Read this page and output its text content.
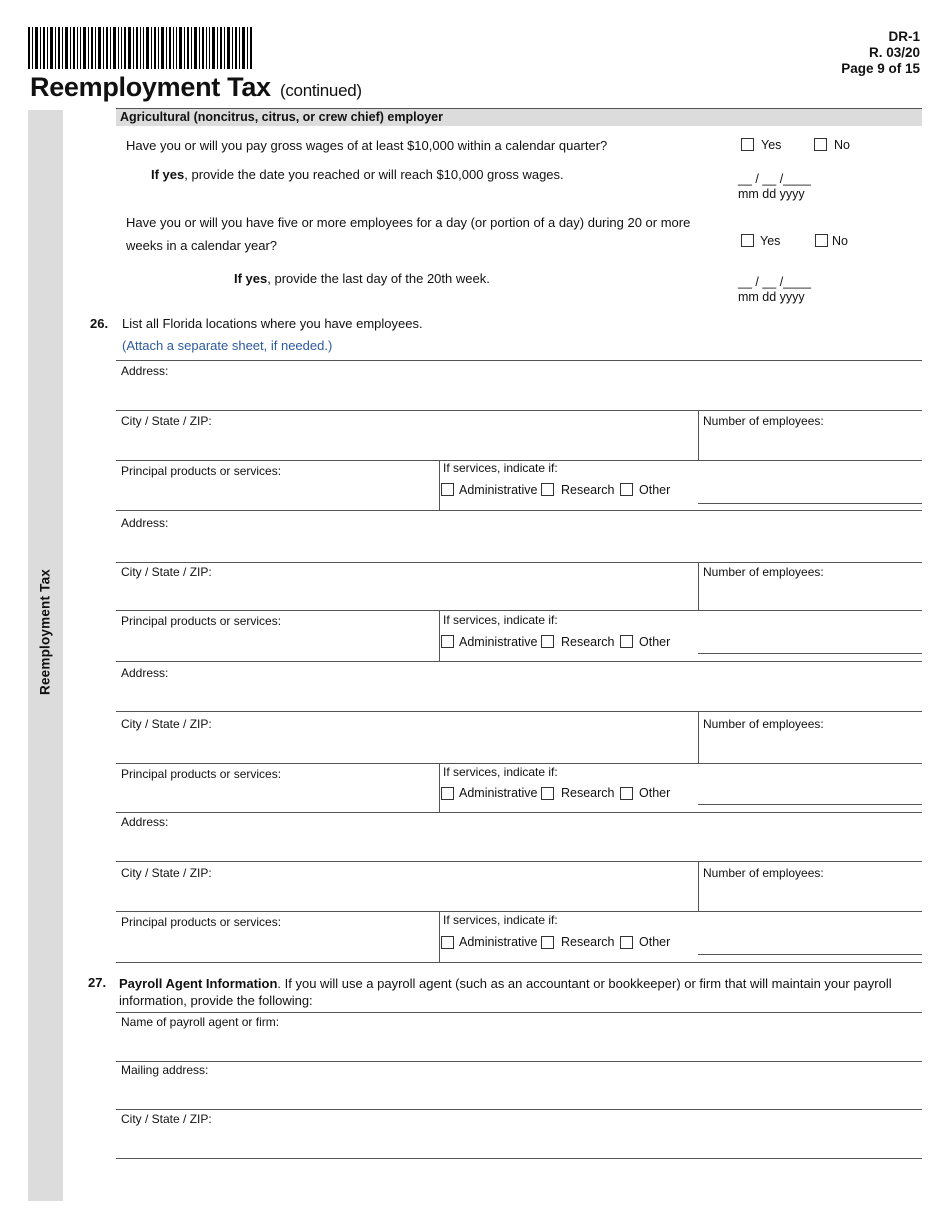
Reemployment Tax (continued)
DR-1
R. 03/20
Page 9 of 15
Reemployment Tax
Agricultural (noncitrus, citrus, or crew chief) employer
Have you or will you pay gross wages of at least $10,000 within a calendar quarter?	Yes	No
If yes, provide the date you reached or will reach $10,000 gross wages.	__ / __ /____
mm dd yyyy
Have you or will you have five or more employees for a day (or portion of a day) during 20 or more
weeks in a calendar year?	Yes	No
If yes, provide the last day of the 20th week.	__ / __ /____
mm dd yyyy
26. List all Florida locations where you have employees.
(Attach a separate sheet, if needed.)
Address:
City / State / ZIP:	Number of employees:
Principal products or services:	If services, indicate if:
Administrative Research Other
Address:
City / State / ZIP:	Number of employees:
Principal products or services:	If services, indicate if:
Administrative Research Other
Address:
City / State / ZIP:	Number of employees:
Principal products or services:	If services, indicate if:
Administrative Research Other
Address:
City / State / ZIP:	Number of employees:
Principal products or services:	If services, indicate if:
Administrative Research Other
27. Payroll Agent Information. If you will use a payroll agent (such as an accountant or bookkeeper) or firm that will maintain your payroll
information, provide the following:
Name of payroll agent or firm:
Mailing address:
City / State / ZIP:
